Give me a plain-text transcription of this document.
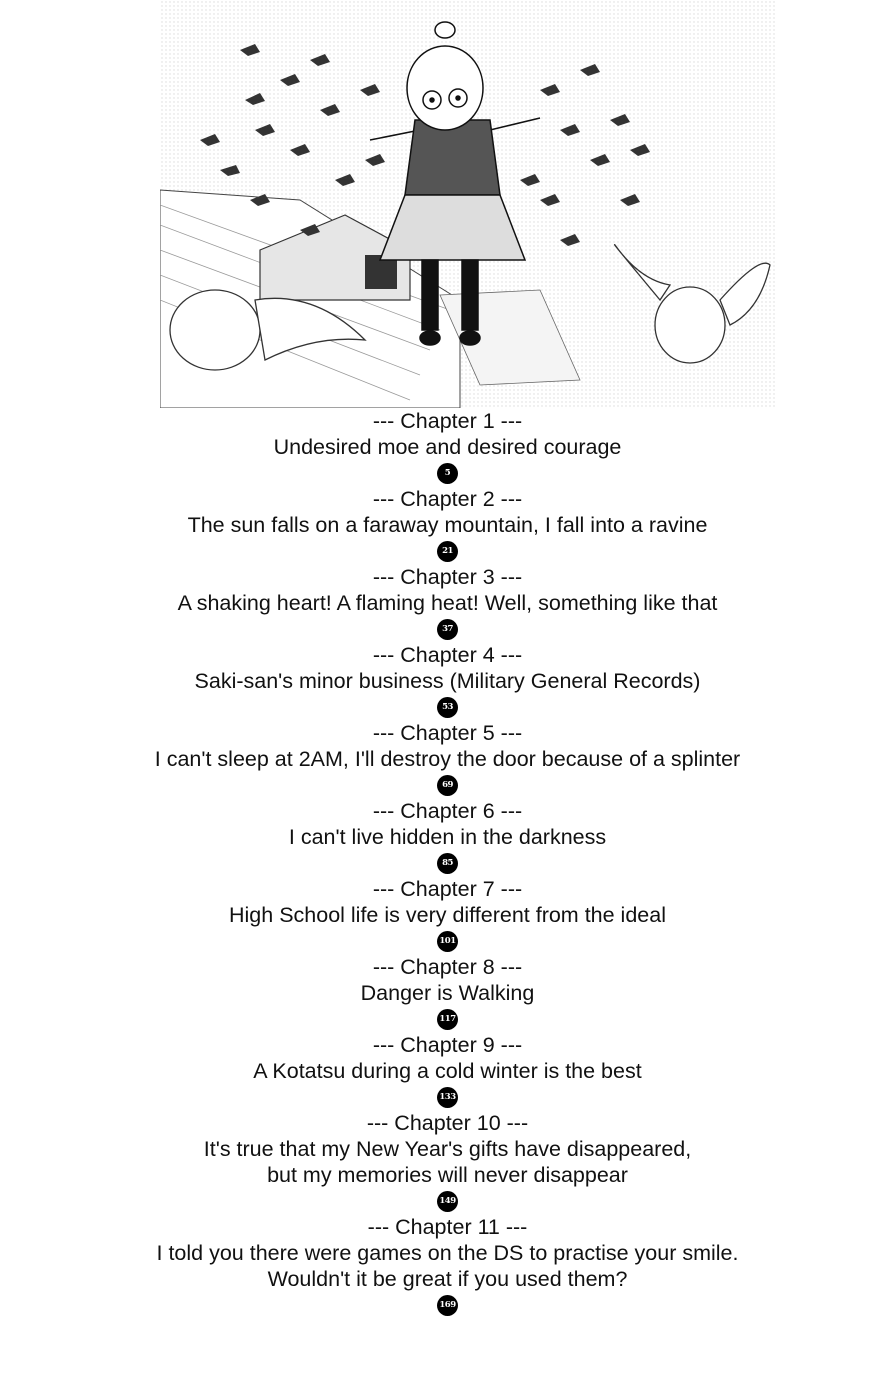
--- Chapter 1 ---
Undesired moe and desired courage
5
--- Chapter 2 ---
The sun falls on a faraway mountain, I fall into a ravine
21
--- Chapter 3 ---
A shaking heart! A flaming heat! Well, something like that
37
--- Chapter 4 ---
Saki-san's minor business (Military General Records)
53
--- Chapter 5 ---
I can't sleep at 2AM, I'll destroy the door because of a splinter
69
--- Chapter 6 ---
I can't live hidden in the darkness
85
--- Chapter 7 ---
High School life is very different from the ideal
101
--- Chapter 8 ---
Danger is Walking
117
--- Chapter 9 ---
A Kotatsu during a cold winter is the best
133
--- Chapter 10 ---
It's true that my New Year's gifts have disappeared,
but my memories will never disappear
149
--- Chapter 11 ---
I told you there were games on the DS to practise your smile.
Wouldn't it be great if you used them?
169
